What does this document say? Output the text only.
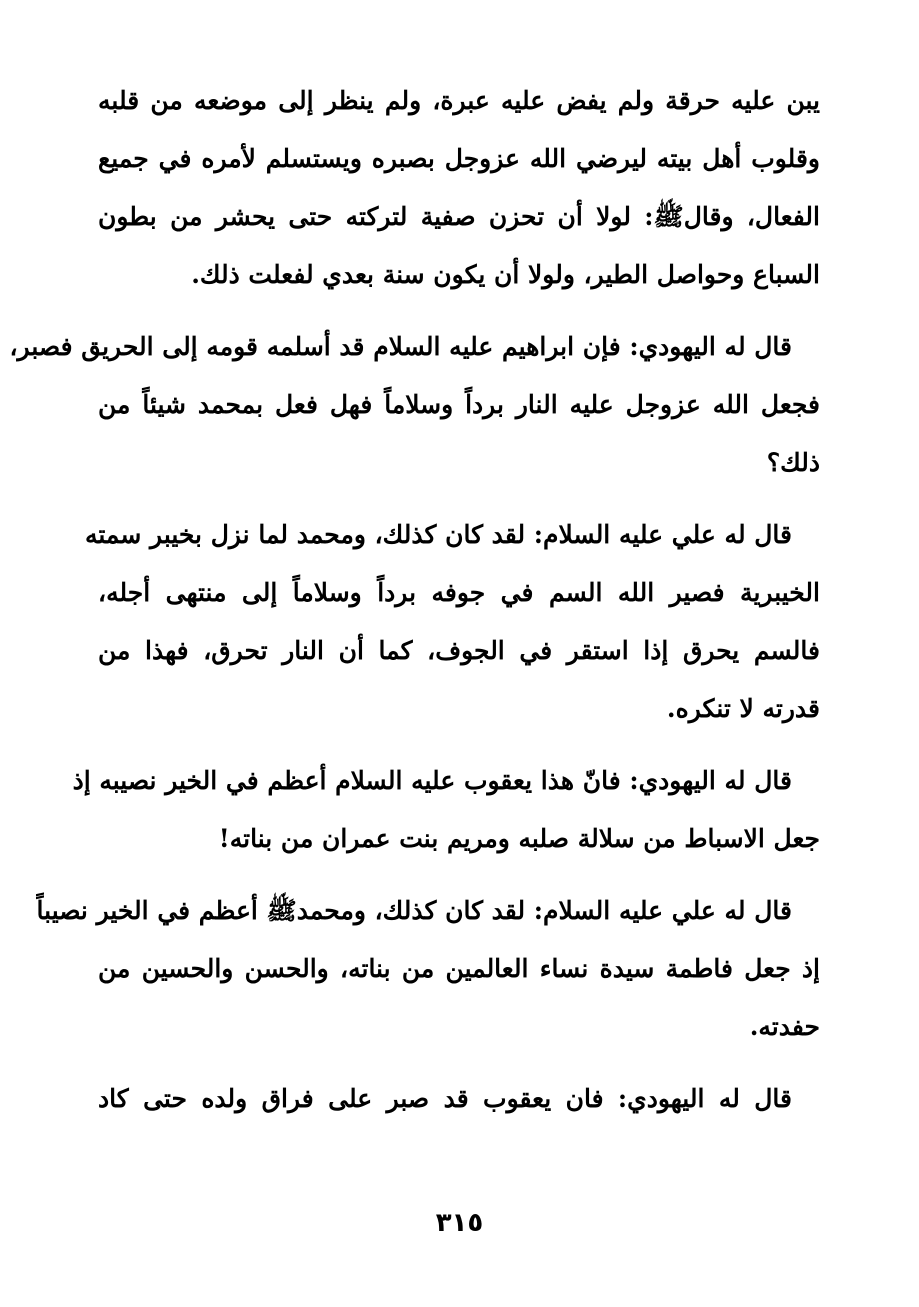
يبن عليه حرقة ولم يفض عليه عبرة، ولم ينظر إلى موضعه من قلبه
وقلوب أهل بيته ليرضي الله عزوجل بصبره ويستسلم لأمره في جميع
الفعال، وقالﷺ: لولا أن تحزن صفية لتركته حتى يحشر من بطون
السباع وحواصل الطير، ولولا أن يكون سنة بعدي لفعلت ذلك.
قال له اليهودي: فإن ابراهيم عليه السلام قد أسلمه قومه إلى الحريق فصبر،
فجعل الله عزوجل عليه النار برداً وسلاماً فهل فعل بمحمد شيئاً من
ذلك؟
قال له علي عليه السلام: لقد كان كذلك، ومحمد لما نزل بخيبر سمته
الخيبرية فصير الله السم في جوفه برداً وسلاماً إلى منتهى أجله،
فالسم يحرق إذا استقر في الجوف، كما أن النار تحرق، فهذا من
قدرته لا تنكره.
قال له اليهودي: فانّ هذا يعقوب عليه السلام أعظم في الخير نصيبه إذ
جعل الاسباط من سلالة صلبه ومريم بنت عمران من بناته!
قال له علي عليه السلام: لقد كان كذلك، ومحمدﷺ أعظم في الخير نصيباً
إذ جعل فاطمة سيدة نساء العالمين من بناته، والحسن والحسين من
حفدته.
قال له اليهودي: فان يعقوب قد صبر على فراق ولده حتى كاد
٣١٥
